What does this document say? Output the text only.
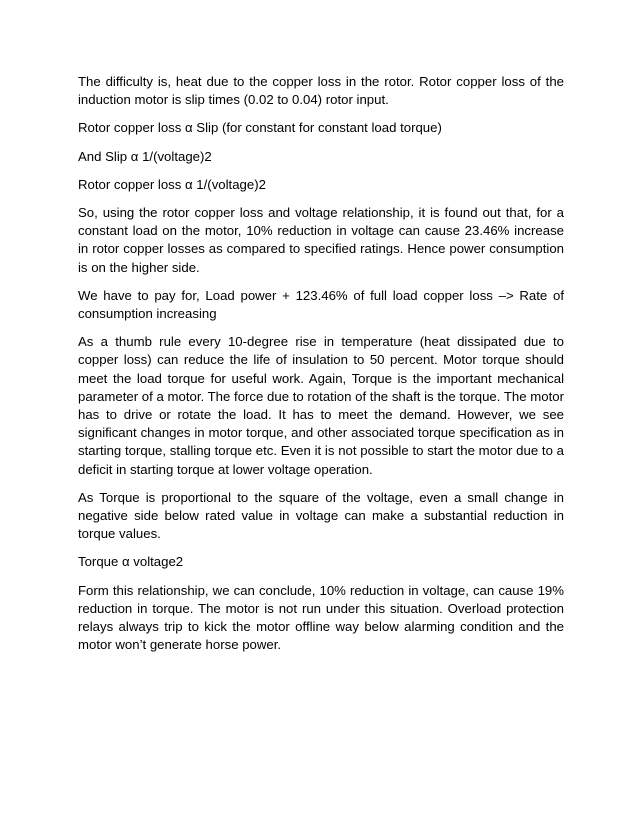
The difficulty is, heat due to the copper loss in the rotor. Rotor copper loss of the induction motor is slip times (0.02 to 0.04) rotor input.

Rotor copper loss α Slip (for constant for constant load torque)

And Slip α 1/(voltage)2

Rotor copper loss α 1/(voltage)2

So, using the rotor copper loss and voltage relationship, it is found out that, for a constant load on the motor, 10% reduction in voltage can cause 23.46% increase in rotor copper losses as compared to specified ratings. Hence power consumption is on the higher side.

We have to pay for, Load power + 123.46% of full load copper loss –> Rate of consumption increasing

As a thumb rule every 10-degree rise in temperature (heat dissipated due to copper loss) can reduce the life of insulation to 50 percent. Motor torque should meet the load torque for useful work. Again, Torque is the important mechanical parameter of a motor. The force due to rotation of the shaft is the torque. The motor has to drive or rotate the load. It has to meet the demand. However, we see significant changes in motor torque, and other associated torque specification as in starting torque, stalling torque etc. Even it is not possible to start the motor due to a deficit in starting torque at lower voltage operation.

As Torque is proportional to the square of the voltage, even a small change in negative side below rated value in voltage can make a substantial reduction in torque values.

Torque α voltage2

Form this relationship, we can conclude, 10% reduction in voltage, can cause 19% reduction in torque. The motor is not run under this situation. Overload protection relays always trip to kick the motor offline way below alarming condition and the motor won’t generate horse power.
